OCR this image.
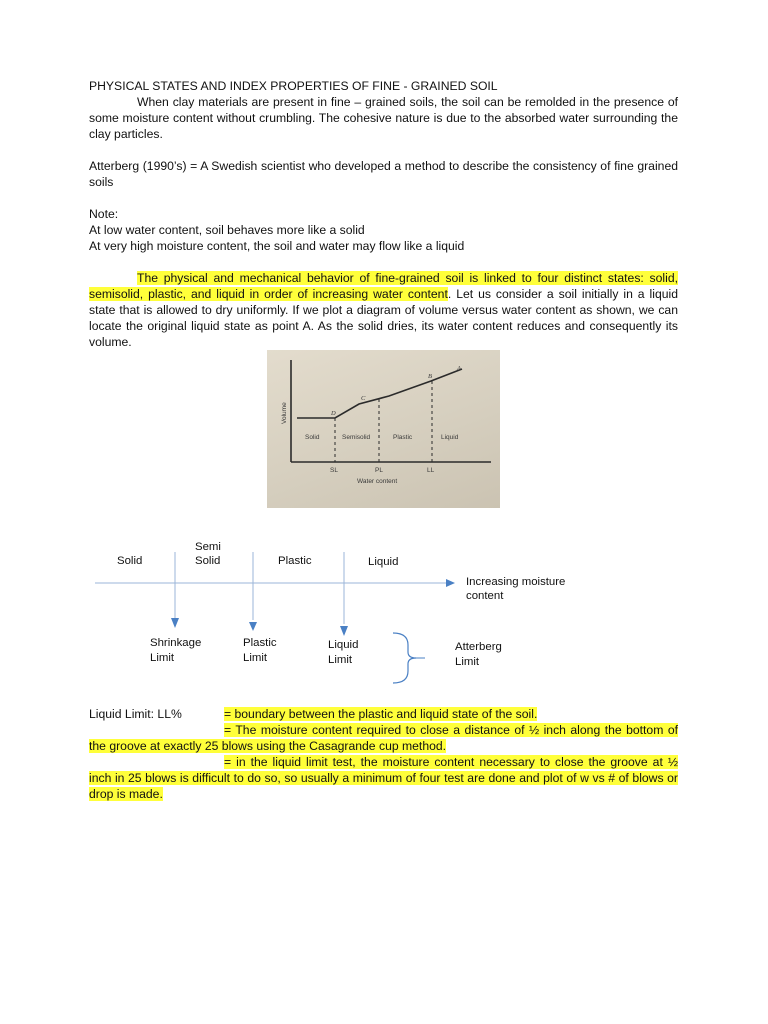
PHYSICAL STATES AND INDEX PROPERTIES OF FINE - GRAINED SOIL

When clay materials are present in fine – grained soils, the soil can be remolded in the presence of some moisture content without crumbling. The cohesive nature is due to the absorbed water surrounding the clay particles.

Atterberg (1990’s) = A Swedish scientist who developed a method to describe the consistency of fine grained soils

Note:

At low water content, soil behaves more like a solid

At very high moisture content, the soil and water may flow like a liquid

The physical and mechanical behavior of fine-grained soil is linked to four distinct states: solid, semisolid, plastic, and liquid in order of increasing water content. Let us consider a soil initially in a liquid state that is allowed to dry uniformly. If we plot a diagram of volume versus water content as shown, we can locate the original liquid state as point A. As the solid dries, its water content reduces and consequently its volume.

Volume
A
B
C
D
Solid	Semisolid	Plastic	Liquid
SL	PL	LL
Water content
Solid
Semi
Solid	Plastic	Liquid
Increasing moisture
content
Shrinkage
Limit
Plastic
Limit
Liquid
Limit
Atterberg
Limit

Liquid Limit: LL%	= boundary between the plastic and liquid state of the soil.

= The moisture content required to close a distance of ½ inch along the bottom of the groove at exactly 25 blows using the Casagrande cup method.

= in the liquid limit test, the moisture content necessary to close the groove at ½ inch in 25 blows is difficult to do so, so usually a minimum of four test are done and plot of w vs # of blows or drop is made.
